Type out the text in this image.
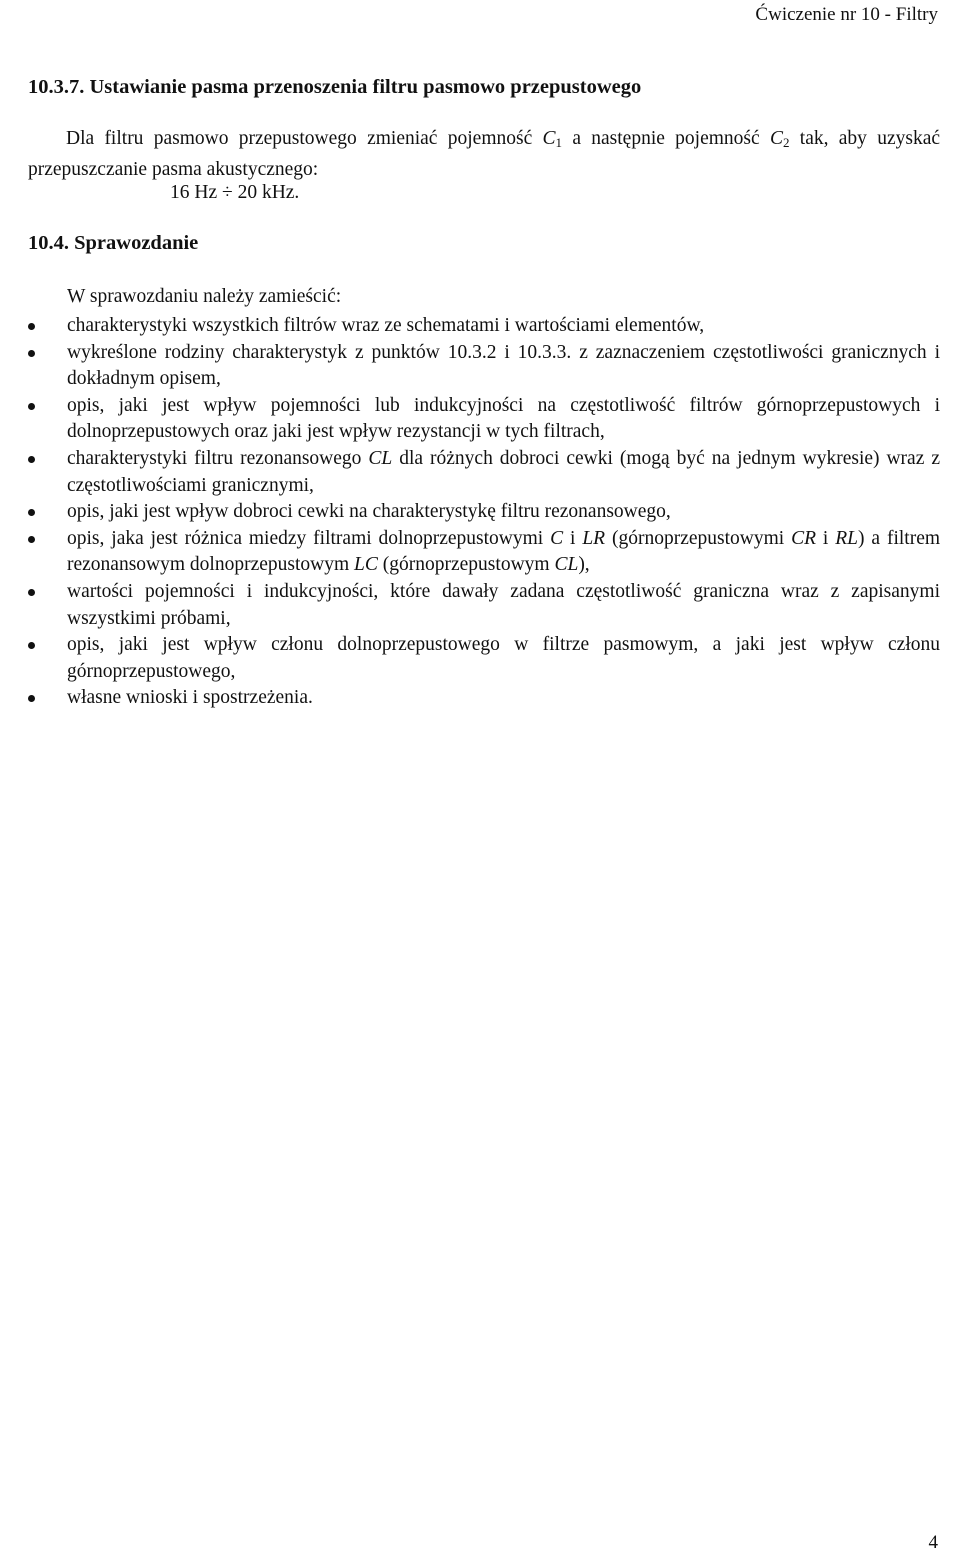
Ćwiczenie nr 10 - Filtry
10.3.7. Ustawianie pasma przenoszenia filtru pasmowo przepustowego

Dla filtru pasmowo przepustowego zmieniać pojemność $C_1$ a następnie pojemność $C_2$ tak, aby uzyskać przepuszczanie pasma akustycznego:

16 Hz ÷ 20 kHz.
10.4. Sprawozdanie
W sprawozdaniu należy zamieścić:
charakterystyki wszystkich filtrów wraz ze schematami i wartościami elementów,
wykreślone rodziny charakterystyk z punktów 10.3.2 i 10.3.3. z zaznaczeniem częstotliwości granicznych i dokładnym opisem,
opis, jaki jest wpływ pojemności lub indukcyjności na częstotliwość filtrów górnoprzepustowych i dolnoprzepustowych oraz jaki jest wpływ rezystancji w tych filtrach,
charakterystyki filtru rezonansowego CL dla różnych dobroci cewki (mogą być na jednym wykresie) wraz z częstotliwościami granicznymi,
opis, jaki jest wpływ dobroci cewki na charakterystykę filtru rezonansowego,
opis, jaka jest różnica miedzy filtrami dolnoprzepustowymi C i LR (górnoprzepustowymi CR i RL) a filtrem rezonansowym dolnoprzepustowym LC (górnoprzepustowym CL),
wartości pojemności i indukcyjności, które dawały zadana częstotliwość graniczna wraz z zapisanymi wszystkimi próbami,
opis, jaki jest wpływ członu dolnoprzepustowego w filtrze pasmowym, a jaki jest wpływ członu górnoprzepustowego,
własne wnioski i spostrzeżenia.
4
